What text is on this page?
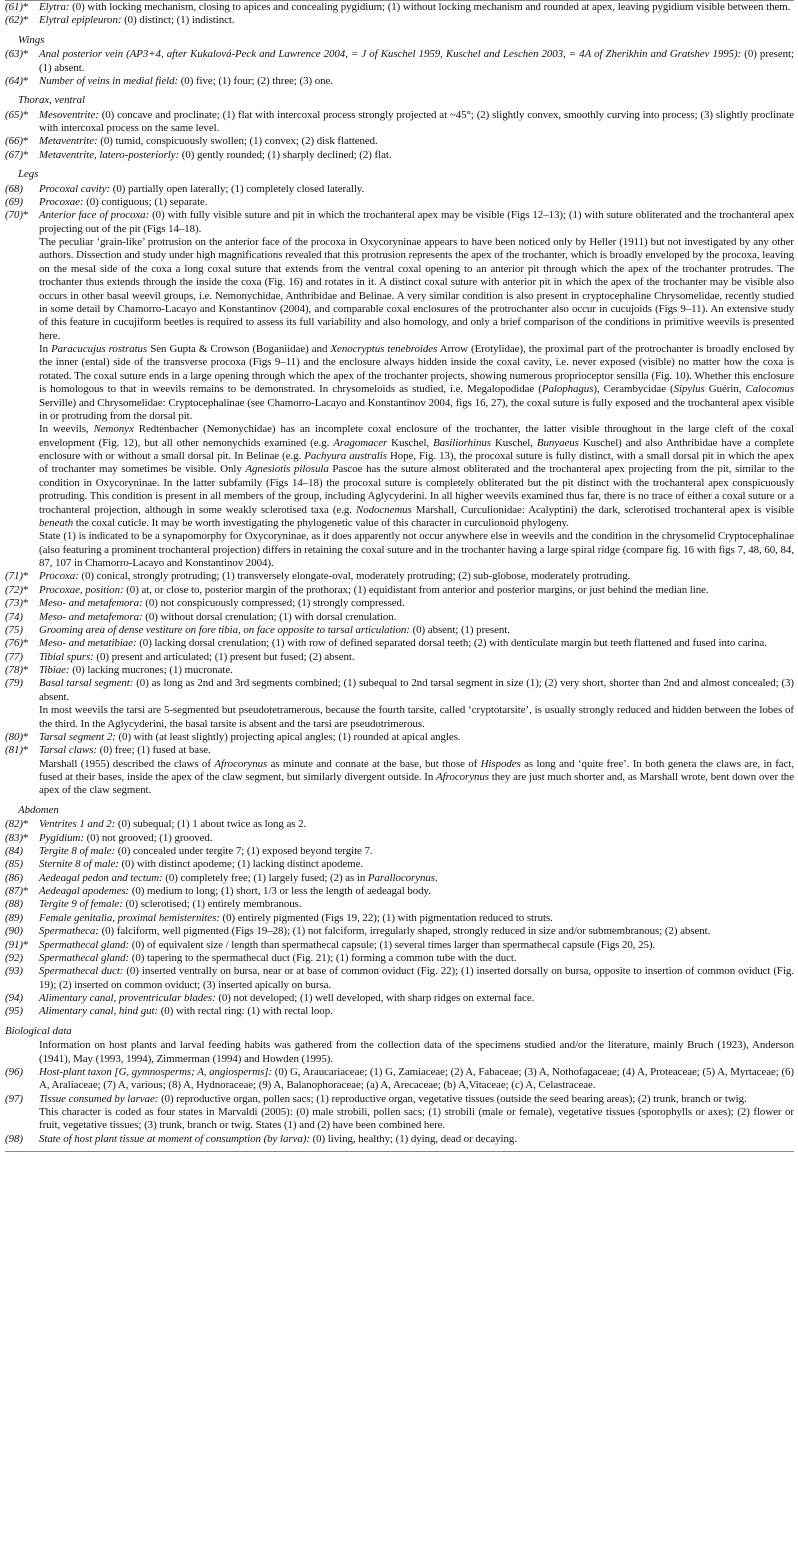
(61)* Elytra: (0) with locking mechanism, closing to apices and concealing pygidium; (1) without locking mechanism and rounded at apex, leaving pygidium visible between them.
(62)* Elytral epipleuron: (0) distinct; (1) indistinct.
Wings
(63)* Anal posterior vein (AP3+4, after Kukalová-Peck and Lawrence 2004, = J of Kuschel 1959, Kuschel and Leschen 2003, = 4A of Zherikhin and Gratshev 1995): (0) present; (1) absent.
(64)* Number of veins in medial field: (0) five; (1) four; (2) three; (3) one.
Thorax, ventral
(65)* Mesoventrite: (0) concave and proclinate; (1) flat with intercoxal process strongly projected at ~45°; (2) slightly convex, smoothly curving into process; (3) slightly proclinate with intercoxal process on the same level.
(66)* Metaventrite: (0) tumid, conspicuously swollen; (1) convex; (2) disk flattened.
(67)* Metaventrite, latero-posteriorly: (0) gently rounded; (1) sharply declined; (2) flat.
Legs
(68)	Procoxal cavity: (0) partially open laterally; (1) completely closed laterally.
(69)	Procoxae: (0) contiguous; (1) separate.
(70)* Anterior face of procoxa: (0) with fully visible suture and pit in which the trochanteral apex may be visible (Figs 12–13); (1) with suture obliterated and the trochanteral apex projecting out of the pit (Figs 14–18).
The peculiar ‘grain-like’ protrusion on the anterior face of the procoxa in Oxycoryninae appears to have been noticed only by Heller (1911) but not investigated by any other authors. Dissection and study under high magnifications revealed that this protrusion represents the apex of the trochanter, which is broadly enveloped by the procoxa, leaving on the mesal side of the coxa a long coxal suture that extends from the ventral coxal opening to an anterior pit through which the apex of the trochanter protrudes. The trochanter thus extends through the inside the coxa (Fig. 16) and rotates in it. A distinct coxal suture with anterior pit in which the apex of the trochanter may be visible also occurs in other basal weevil groups, i.e. Nemonychidae, Anthribidae and Belinae. A very similar condition is also present in cryptocephaline Chrysomelidae, recently studied in some detail by Chamorro-Lacayo and Konstantinov (2004), and comparable coxal enclosures of the protrochanter also occur in cucujoids (Figs 9–11). An extensive study of this feature in cucujiform beetles is required to assess its full variability and also homology, and only a brief comparison of the conditions in primitive weevils is presented here.
In Paracucujus rostratus Sen Gupta & Crowson (Boganiidae) and Xenocryptus tenebroides Arrow (Erotylidae), the proximal part of the protrochanter is broadly enclosed by the inner (ental) side of the transverse procoxa (Figs 9–11) and the enclosure always hidden inside the coxal cavity, i.e. never exposed (visible) no matter how the coxa is rotated. The coxal suture ends in a large opening through which the apex of the trochanter projects, showing numerous proprioceptor sensilla (Fig. 10). Whether this enclosure is homologous to that in weevils remains to be demonstrated. In chrysomeloids as studied, i.e. Megalopodidae (Palophagus), Cerambycidae (Sipylus Guérin, Calocomus Serville) and Chrysomelidae: Cryptocephalinae (see Chamorro-Lacayo and Konstantinov 2004, figs 16, 27), the coxal suture is fully exposed and the trochanteral apex visible in or protruding from the dorsal pit.
In weevils, Nemonyx Redtenbacher (Nemonychidae) has an incomplete coxal enclosure of the trochanter, the latter visible throughout in the large cleft of the coxal envelopment (Fig. 12), but all other nemonychids examined (e.g. Aragomacer Kuschel, Basiliorhinus Kuschel, Bunyaeus Kuschel) and also Anthribidae have a complete enclosure with or without a small dorsal pit. In Belinae (e.g. Pachyura australis Hope, Fig. 13), the procoxal suture is fully distinct, with a small dorsal pit in which the apex of trochanter may sometimes be visible. Only Agnesiotis pilosula Pascoe has the suture almost obliterated and the trochanteral apex projecting from the pit, similar to the condition in Oxycoryninae. In the latter subfamily (Figs 14–18) the procoxal suture is completely obliterated but the pit distinct with the trochanteral apex conspicuously protruding. This condition is present in all members of the group, including Aglycyderini. In all higher weevils examined thus far, there is no trace of either a coxal suture or a trochanteral projection, although in some weakly sclerotised taxa (e.g. Nodocnemus Marshall, Curculionidae: Acalyptini) the dark, sclerotised trochanteral apex is visible beneath the coxal cuticle. It may be worth investigating the phylogenetic value of this character in curculionoid phylogeny.
State (1) is indicated to be a synapomorphy for Oxycoryninae, as it does apparently not occur anywhere else in weevils and the condition in the chrysomelid Cryptocephalinae (also featuring a prominent trochanteral projection) differs in retaining the coxal suture and in the trochanter having a large spiral ridge (compare fig. 16 with figs 7, 48, 60, 84, 87, 107 in Chamorro-Lacayo and Konstantinov 2004).
(71)* Procoxa: (0) conical, strongly protruding; (1) transversely elongate-oval, moderately protruding; (2) sub-globose, moderately protruding.
(72)* Procoxae, position: (0) at, or close to, posterior margin of the prothorax; (1) equidistant from anterior and posterior margins, or just behind the median line.
(73)* Meso- and metafemora: (0) not conspicuously compressed; (1) strongly compressed.
(74)	Meso- and metafemora: (0) without dorsal crenulation; (1) with dorsal crenulation.
(75)	Grooming area of dense vestiture on fore tibia, on face opposite to tarsal articulation: (0) absent; (1) present.
(76)* Meso- and metatibiae: (0) lacking dorsal crenulation; (1) with row of defined separated dorsal teeth; (2) with denticulate margin but teeth flattened and fused into carina.
(77)	Tibial spurs: (0) present and articulated; (1) present but fused; (2) absent.
(78)* Tibiae: (0) lacking mucrones; (1) mucronate.
(79)	Basal tarsal segment: (0) as long as 2nd and 3rd segments combined; (1) subequal to 2nd tarsal segment in size (1); (2) very short, shorter than 2nd and almost concealed; (3) absent.
In most weevils the tarsi are 5-segmented but pseudotetramerous, because the fourth tarsite, called ‘cryptotarsite’, is usually strongly reduced and hidden between the lobes of the third. In the Aglycyderini, the basal tarsite is absent and the tarsi are pseudotrimerous.
(80)* Tarsal segment 2: (0) with (at least slightly) projecting apical angles; (1) rounded at apical angles.
(81)* Tarsal claws: (0) free; (1) fused at base.
Marshall (1955) described the claws of Afrocorynus as minute and connate at the base, but those of Hispodes as long and ‘quite free’. In both genera the claws are, in fact, fused at their bases, inside the apex of the claw segment, but similarly divergent outside. In Afrocorynus they are just much shorter and, as Marshall wrote, bent down over the apex of the claw segment.
Abdomen
(82)* Ventrites 1 and 2: (0) subequal; (1) 1 about twice as long as 2.
(83)* Pygidium: (0) not grooved; (1) grooved.
(84)	Tergite 8 of male: (0) concealed under tergite 7; (1) exposed beyond tergite 7.
(85)	Sternite 8 of male: (0) with distinct apodeme; (1) lacking distinct apodeme.
(86)	Aedeagal pedon and tectum: (0) completely free; (1) largely fused; (2) as in Parallocorynus.
(87)* Aedeagal apodemes: (0) medium to long; (1) short, 1/3 or less the length of aedeagal body.
(88)	Tergite 9 of female: (0) sclerotised; (1) entirely membranous.
(89)	Female genitalia, proximal hemisternites: (0) entirely pigmented (Figs 19, 22); (1) with pigmentation reduced to struts.
(90)	Spermatheca: (0) falciform, well pigmented (Figs 19–28); (1) not falciform, irregularly shaped, strongly reduced in size and/or submembranous; (2) absent.
(91)* Spermathecal gland: (0) of equivalent size / length than spermathecal capsule; (1) several times larger than spermathecal capsule (Figs 20, 25).
(92)	Spermathecal gland: (0) tapering to the spermathecal duct (Fig. 21); (1) forming a common tube with the duct.
(93)	Spermathecal duct: (0) inserted ventrally on bursa, near or at base of common oviduct (Fig. 22); (1) inserted dorsally on bursa, opposite to insertion of common oviduct (Fig. 19); (2) inserted on common oviduct; (3) inserted apically on bursa.
(94)	Alimentary canal, proventricular blades: (0) not developed; (1) well developed, with sharp ridges on external face.
(95)	Alimentary canal, hind gut: (0) with rectal ring: (1) with rectal loop.
Biological data
Information on host plants and larval feeding habits was gathered from the collection data of the specimens studied and/or the literature, mainly Bruch (1923), Anderson (1941), May (1993, 1994), Zimmerman (1994) and Howden (1995).
(96)	Host-plant taxon [G, gymnosperms; A, angiosperms]: (0) G, Araucariaceae; (1) G, Zamiaceae; (2) A, Fabaceae; (3) A, Nothofagaceae; (4) A, Proteaceae; (5) A, Myrtaceae; (6) A, Araliaceae; (7) A, various; (8) A, Hydnoraceae; (9) A, Balanophoraceae; (a) A, Arecaceae; (b) A,Vitaceae; (c) A, Celastraceae.
(97)	Tissue consumed by larvae: (0) reproductive organ, pollen sacs; (1) reproductive organ, vegetative tissues (outside the seed bearing areas); (2) trunk, branch or twig.
This character is coded as four states in Marvaldi (2005): (0) male strobili, pollen sacs; (1) strobili (male or female), vegetative tissues (sporophylls or axes); (2) flower or fruit, vegetative tissues; (3) trunk, branch or twig. States (1) and (2) have been combined here.
(98)	State of host plant tissue at moment of consumption (by larva): (0) living, healthy; (1) dying, dead or decaying.
